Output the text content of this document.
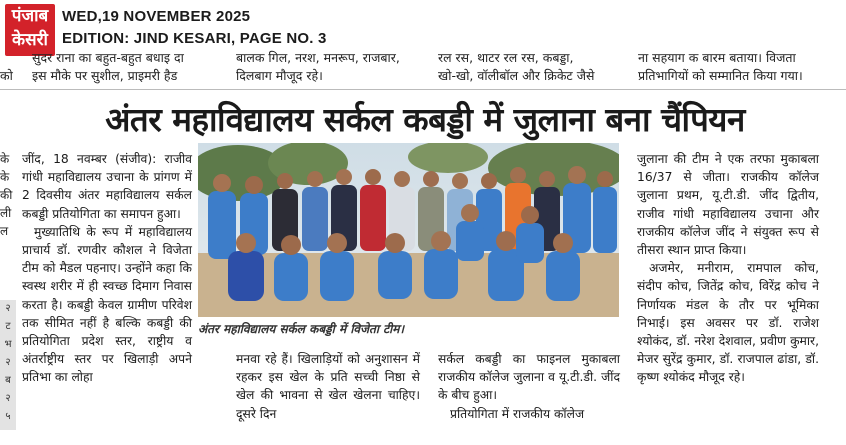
पंजाब
केसरी
WED,19 NOVEMBER 2025
EDITION: JIND KESARI, PAGE NO. 3
को
सुदर राना का बहुत-बहुत बधाइ दा
इस मौके पर सुशील, प्राइमरी हैड
बालक गिल, नरश, मनरूप, राजबार,
दिलबाग मौजूद रहे।
रल रस, थाटर रल रस, कबड्डा,
खो-खो, वॉलीबॉल और क्रिकेट जैसे
ना सहयाग क बारम बताया। विजता
प्रतिभागियों को सम्मानित किया गया।
अंतर महाविद्यालय सर्कल कबड्डी में जुलाना बना चैंपियन
के
के
की
ली
ल
२
ट
भ
२
ब
२
५

जींद, 18 नवम्बर (संजीव): राजीव गांधी महाविद्यालय उचाना के प्रांगण में 2 दिवसीय अंतर महाविद्यालय सर्कल कबड्डी प्रतियोगिता का समापन हुआ।

मुख्यातिथि के रूप में महाविद्यालय प्राचार्य डॉ. रणवीर कौशल ने विजेता टीम को मैडल पहनाए। उन्होंने कहा कि स्वस्थ शरीर में ही स्वच्छ दिमाग निवास करता है। कबड्डी केवल ग्रामीण परिवेश तक सीमित नहीं है बल्कि कबड्डी की प्रतियोगिता प्रदेश स्तर, राष्ट्रीय व अंतर्राष्ट्रीय स्तर पर खिलाड़ी अपने प्रतिभा का लोहा

अंतर महाविद्यालय सर्कल कबड्डी में विजेता टीम।

मनवा रहे हैं। खिलाड़ियों को अनुशासन में रहकर इस खेल के प्रति सच्ची निष्ठा से खेल की भावना से खेल खेलना चाहिए। दूसरे दिन

सर्कल कबड्डी का फाइनल मुकाबला राजकीय कॉलेज जुलाना व यू.टी.डी. जींद के बीच हुआ।

प्रतियोगिता में राजकीय कॉलेज

जुलाना की टीम ने एक तरफा मुकाबला 16/37 से जीता। राजकीय कॉलेज जुलाना प्रथम, यू.टी.डी. जींद द्वितीय, राजीव गांधी महाविद्यालय उचाना और राजकीय कॉलेज जींद ने संयुक्त रूप से तीसरा स्थान प्राप्त किया।

अजमेर, मनीराम, रामपाल कोच, संदीप कोच, जितेंद्र कोच, विरेंद्र कोच ने निर्णायक मंडल के तौर पर भूमिका निभाई। इस अवसर पर डॉ. राजेश श्योकंद, डॉ. नरेश देशवाल, प्रवीण कुमार, मेजर सुरेंद्र कुमार, डॉ. राजपाल ढांडा, डॉ. कृष्ण श्योकंद मौजूद रहे।
